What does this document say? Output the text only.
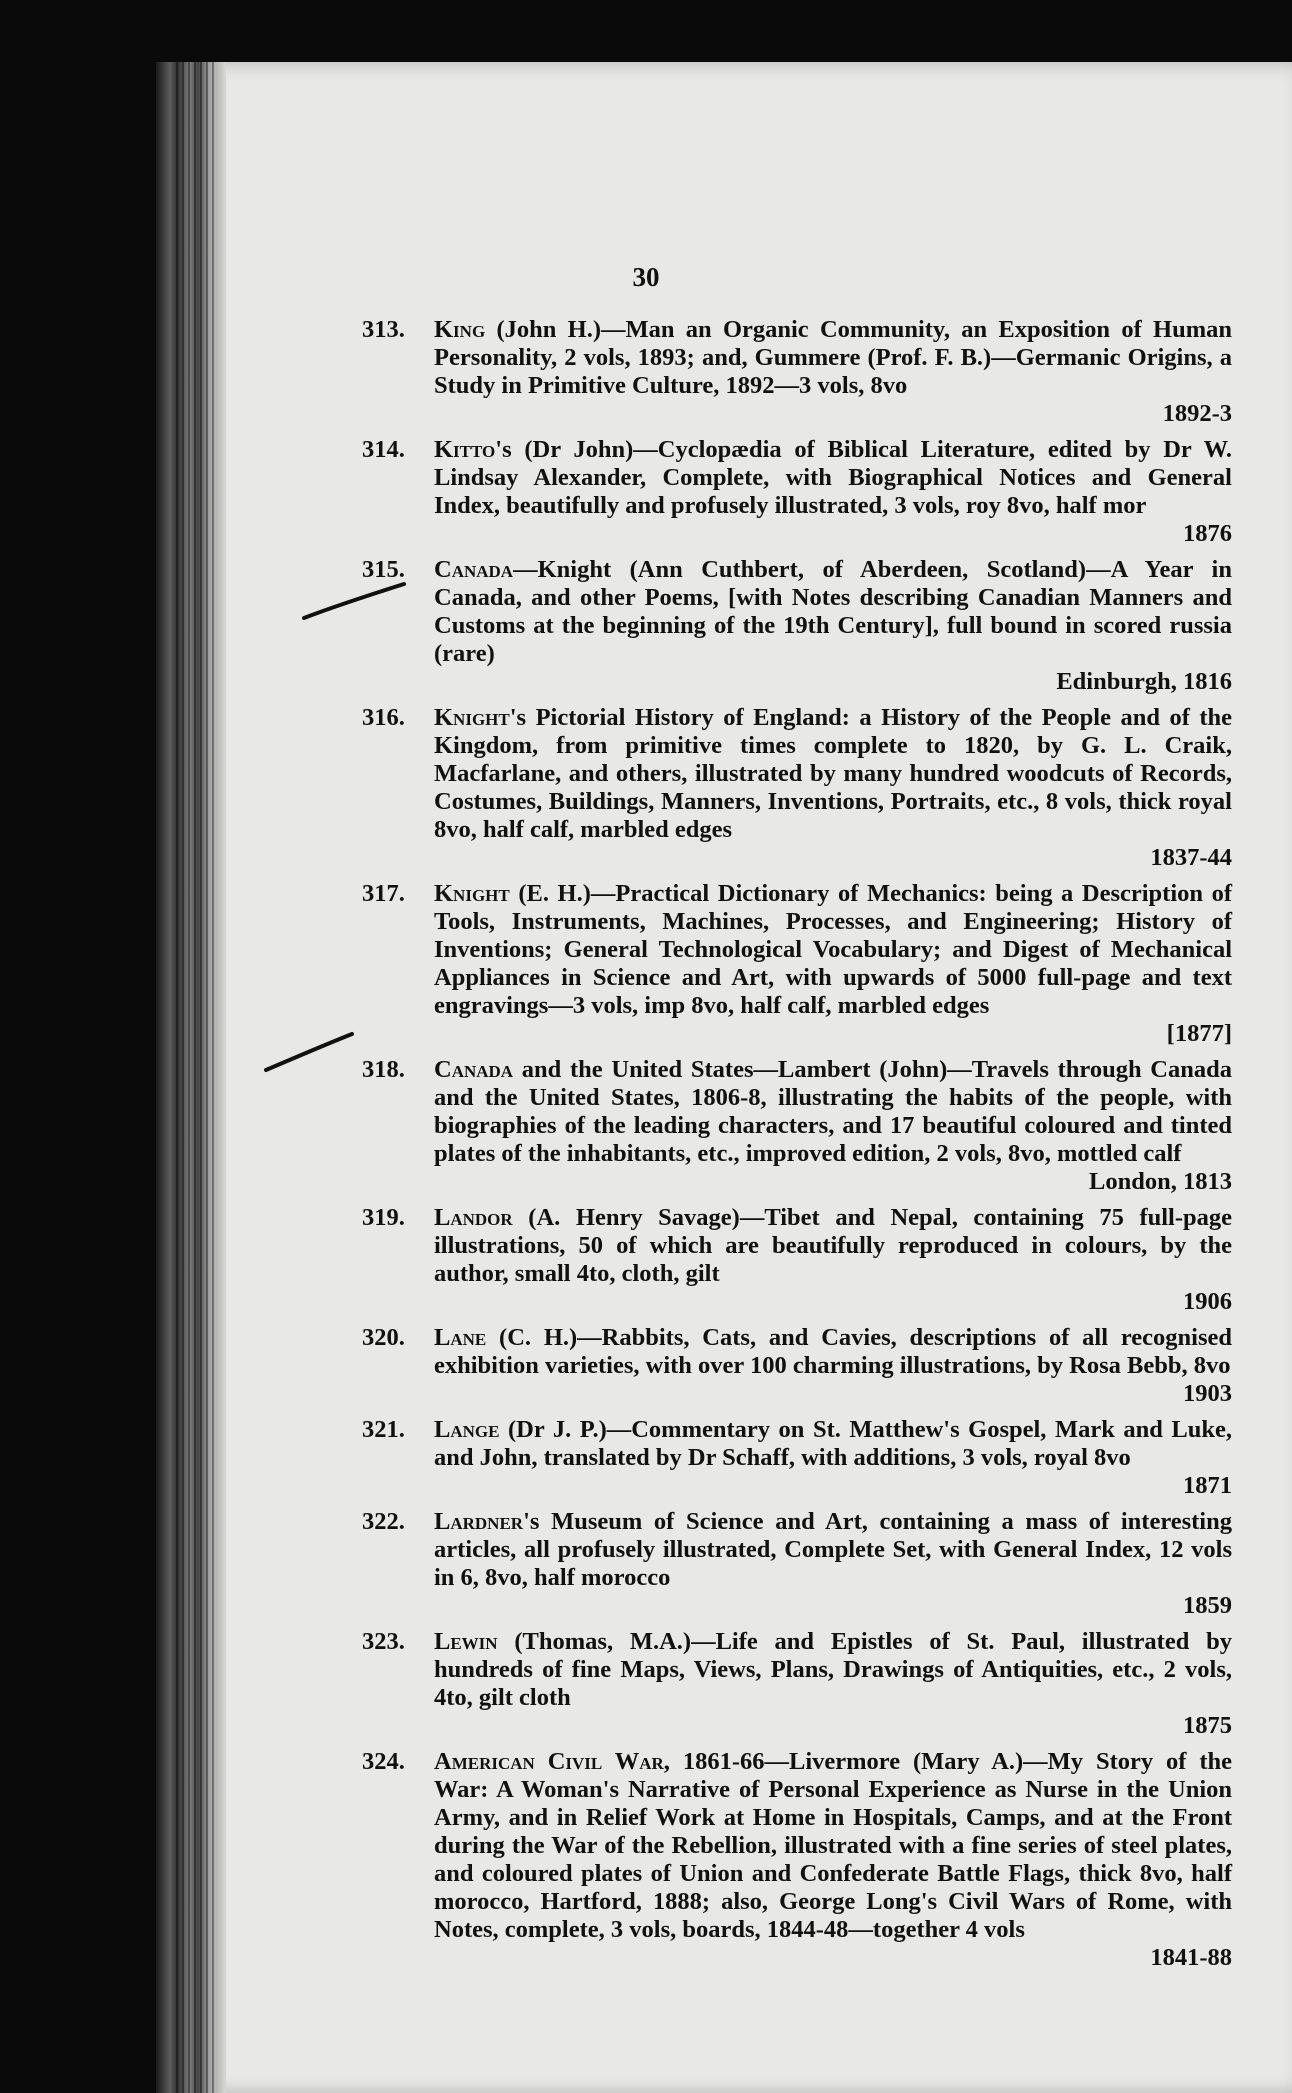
30
313.	King (John H.)—Man an Organic Community, an Exposition of Human Personality, 2 vols, 1893; and, Gummere (Prof. F. B.)—Germanic Origins, a Study in Primitive Culture, 1892—3 vols, 8vo
1892-3
314.	Kitto's (Dr John)—Cyclopædia of Biblical Literature, edited by Dr W. Lindsay Alexander, Complete, with Biographical Notices and General Index, beautifully and profusely illustrated, 3 vols, roy 8vo, half mor
1876
315.	Canada—Knight (Ann Cuthbert, of Aberdeen, Scotland)—A Year in Canada, and other Poems, [with Notes describing Canadian Manners and Customs at the beginning of the 19th Century], full bound in scored russia (rare)
Edinburgh, 1816
316.	Knight's Pictorial History of England: a History of the People and of the Kingdom, from primitive times complete to 1820, by G. L. Craik, Macfarlane, and others, illustrated by many hundred woodcuts of Records, Costumes, Buildings, Manners, Inventions, Portraits, etc., 8 vols, thick royal 8vo, half calf, marbled edges
1837-44
317.	Knight (E. H.)—Practical Dictionary of Mechanics: being a Description of Tools, Instruments, Machines, Processes, and Engineering; History of Inventions; General Technological Vocabulary; and Digest of Mechanical Appliances in Science and Art, with upwards of 5000 full-page and text engravings—3 vols, imp 8vo, half calf, marbled edges
[1877]
318.	Canada and the United States—Lambert (John)—Travels through Canada and the United States, 1806-8, illustrating the habits of the people, with biographies of the leading characters, and 17 beautiful coloured and tinted plates of the inhabitants, etc., improved edition, 2 vols, 8vo, mottled calf
London, 1813
319.	Landor (A. Henry Savage)—Tibet and Nepal, containing 75 full-page illustrations, 50 of which are beautifully reproduced in colours, by the author, small 4to, cloth, gilt
1906
320.	Lane (C. H.)—Rabbits, Cats, and Cavies, descriptions of all recognised exhibition varieties, with over 100 charming illustrations, by Rosa Bebb, 8vo
1903
321.	Lange (Dr J. P.)—Commentary on St. Matthew's Gospel, Mark and Luke, and John, translated by Dr Schaff, with additions, 3 vols, royal 8vo
1871
322.	Lardner's Museum of Science and Art, containing a mass of interesting articles, all profusely illustrated, Complete Set, with General Index, 12 vols in 6, 8vo, half morocco
1859
323.	Lewin (Thomas, M.A.)—Life and Epistles of St. Paul, illustrated by hundreds of fine Maps, Views, Plans, Drawings of Antiquities, etc., 2 vols, 4to, gilt cloth
1875
324.	American Civil War, 1861-66—Livermore (Mary A.)—My Story of the War: A Woman's Narrative of Personal Experience as Nurse in the Union Army, and in Relief Work at Home in Hospitals, Camps, and at the Front during the War of the Rebellion, illustrated with a fine series of steel plates, and coloured plates of Union and Confederate Battle Flags, thick 8vo, half morocco, Hartford, 1888; also, George Long's Civil Wars of Rome, with Notes, complete, 3 vols, boards, 1844-48—together 4 vols
1841-88
